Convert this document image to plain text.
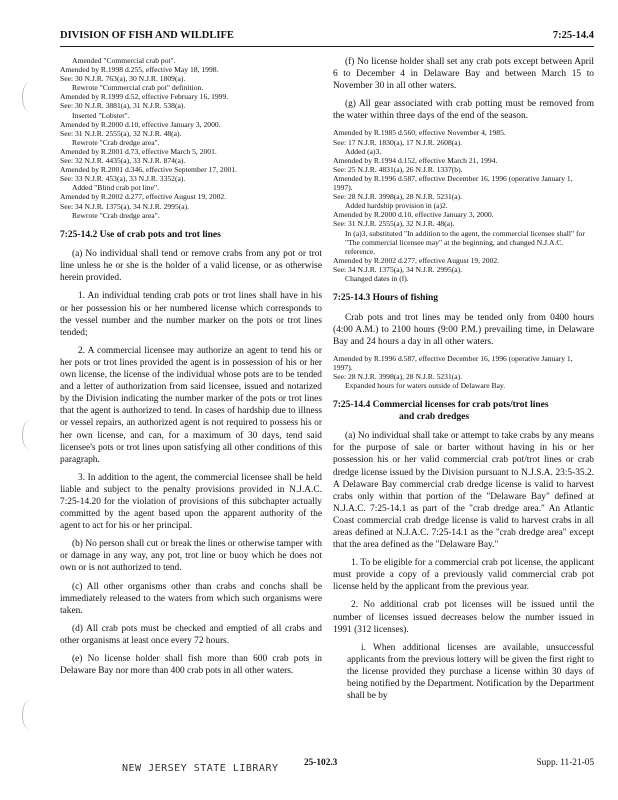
DIVISION OF FISH AND WILDLIFE	7:25-14.4
Amended "Commercial crab pot".
Amended by R.1998 d.255, effective May 18, 1998.
See: 30 N.J.R. 763(a), 30 N.J.R. 1809(a).
Rewrote "Commercial crab pot" definition.
Amended by R.1999 d.52, effective February 16, 1999.
See: 30 N.J.R. 3881(a), 31 N.J.R. 538(a).
Inserted "Lobster".
Amended by R.2000 d.10, effective January 3, 2000.
See: 31 N.J.R. 2555(a), 32 N.J.R. 48(a).
Rewrote "Crab dredge area".
Amended by R.2001 d.73, effective March 5, 2001.
See: 32 N.J.R. 4435(a), 33 N.J.R. 874(a).
Amended by R.2001 d.346, effective September 17, 2001.
See: 33 N.J.R. 453(a), 33 N.J.R. 3352(a).
Added "Blind crab pot line".
Amended by R.2002 d.277, effective August 19, 2002.
See: 34 N.J.R. 1375(a), 34 N.J.R. 2995(a).
Rewrote "Crab dredge area".
7:25-14.2 Use of crab pots and trot lines

(a) No individual shall tend or remove crabs from any pot or trot line unless he or she is the holder of a valid license, or as otherwise herein provided.

1. An individual tending crab pots or trot lines shall have in his or her possession his or her numbered license which corresponds to the vessel number and the number marker on the pots or trot lines tended;

2. A commercial licensee may authorize an agent to tend his or her pots or trot lines provided the agent is in possession of his or her own license, the license of the individual whose pots are to be tended and a letter of authorization from said licensee, issued and notarized by the Division indicating the number marker of the pots or trot lines that the agent is authorized to tend. In cases of hardship due to illness or vessel repairs, an authorized agent is not required to possess his or her own license, and can, for a maximum of 30 days, tend said licensee's pots or trot lines upon satisfying all other conditions of this paragraph.

3. In addition to the agent, the commercial licensee shall be held liable and subject to the penalty provisions provided in N.J.A.C. 7:25-14.20 for the violation of provisions of this subchapter actually committed by the agent based upon the apparent authority of the agent to act for his or her principal.

(b) No person shall cut or break the lines or otherwise tamper with or damage in any way, any pot, trot line or buoy which he does not own or is not authorized to tend.

(c) All other organisms other than crabs and conchs shall be immediately released to the waters from which such organisms were taken.

(d) All crab pots must be checked and emptied of all crabs and other organisms at least once every 72 hours.

(e) No license holder shall fish more than 600 crab pots in Delaware Bay nor more than 400 crab pots in all other waters.

(f) No license holder shall set any crab pots except between April 6 to December 4 in Delaware Bay and between March 15 to November 30 in all other waters.

(g) All gear associated with crab potting must be removed from the water within three days of the end of the season.

Amended by R.1985 d.560, effective November 4, 1985.
See: 17 N.J.R. 1830(a), 17 N.J.R. 2608(a).
Added (a)3.
Amended by R.1994 d.152, effective March 21, 1994.
See: 25 N.J.R. 4831(a), 26 N.J.R. 1337(b).
Amended by R.1996 d.587, effective December 16, 1996 (operative January 1, 1997).
See: 28 N.J.R. 3998(a), 28 N.J.R. 5231(a).
Added hardship provision in (a)2.
Amended by R.2000 d.10, effective January 3, 2000.
See: 31 N.J.R. 2555(a), 32 N.J.R. 48(a).
In (a)3, substituted "In addition to the agent, the commercial licensee shall" for "The commercial licensee may" at the beginning, and changed N.J.A.C. reference.
Amended by R.2002 d.277, effective August 19, 2002.
See: 34 N.J.R. 1375(a), 34 N.J.R. 2995(a).
Changed dates in (f).
7:25-14.3 Hours of fishing

Crab pots and trot lines may be tended only from 0400 hours (4:00 A.M.) to 2100 hours (9:00 P.M.) prevailing time, in Delaware Bay and 24 hours a day in all other waters.

Amended by R.1996 d.587, effective December 16, 1996 (operative January 1, 1997).
See: 28 N.J.R. 3998(a), 28 N.J.R. 5231(a).
Expanded hours for waters outside of Delaware Bay.
7:25-14.4 Commercial licenses for crab pots/trot lines
and crab dredges

(a) No individual shall take or attempt to take crabs by any means for the purpose of sale or barter without having in his or her possession his or her valid commercial crab pot/trot lines or crab dredge license issued by the Division pursuant to N.J.S.A. 23:5-35.2. A Delaware Bay commercial crab dredge license is valid to harvest crabs only within that portion of the "Delaware Bay" defined at N.J.A.C. 7:25-14.1 as part of the "crab dredge area." An Atlantic Coast commercial crab dredge license is valid to harvest crabs in all areas defined at N.J.A.C. 7:25-14.1 as the "crab dredge area" except that the area defined as the "Delaware Bay."

1. To be eligible for a commercial crab pot license, the applicant must provide a copy of a previously valid commercial crab pot license held by the applicant from the previous year.

2. No additional crab pot licenses will be issued until the number of licenses issued decreases below the number issued in 1991 (312 licenses).

i. When additional licenses are available, unsuccessful applicants from the previous lottery will be given the first right to the license provided they purchase a license within 30 days of being notified by the Department. Notification by the Department shall be by

NEW JERSEY STATE LIBRARY	25-102.3	Supp. 11-21-05
